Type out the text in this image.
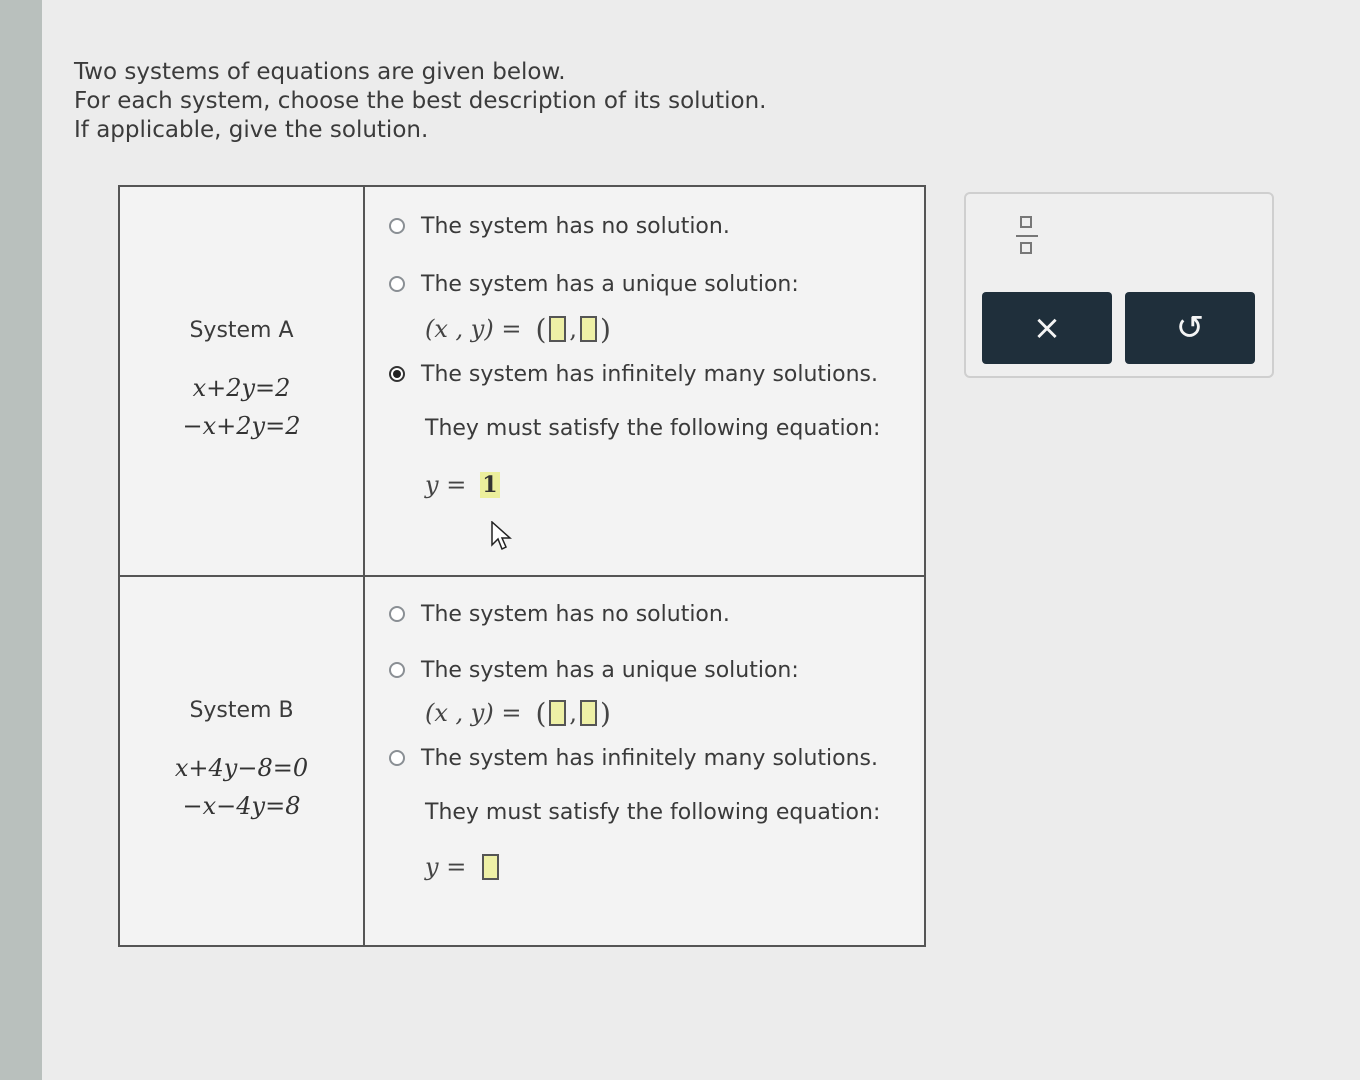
Two systems of equations are given below.
For each system, choose the best description of its solution.
If applicable, give the solution.
System A
x+2y=2
−x+2y=2
The system has no solution.
The system has a unique solution:
(x , y) = ( , )
The system has infinitely many solutions.
They must satisfy the following equation:
y = 1
System B
x+4y−8=0
−x−4y=8
The system has no solution.
The system has a unique solution:
(x , y) = ( , )
The system has infinitely many solutions.
They must satisfy the following equation:
y =
×	↺
